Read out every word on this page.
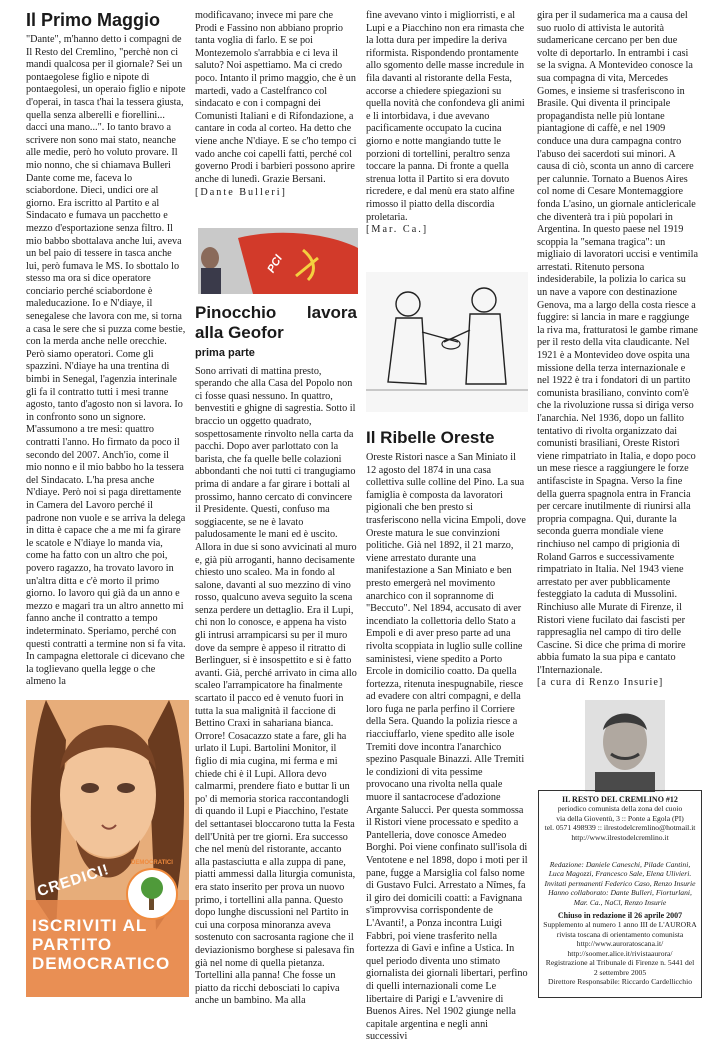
Il Primo Maggio

"Dante", m'hanno detto i compagni de Il Resto del Cremlino, "perchè non ci mandi qualcosa per il giornale? Sei un pontaegolese figlio e nipote di pontaegolesi, un operaio figlio e nipote d'operai, in tasca t'hai la tessera giusta, quella senza alberelli e fiorellini... dacci una mano...". Io tanto bravo a scrivere non sono mai stato, neanche alle medie, però ho voluto provare. Il mio nonno, che si chiamava Bulleri Dante come me, faceva lo sciabordone. Dieci, undici ore al giorno. Era iscritto al Partito e al Sindacato e fumava un pacchetto e mezzo d'esportazione senza filtro. Il mio babbo sbottalava anche lui, aveva un bel paio di tessere in tasca anche lui, però fumava le MS. Io sbottalo lo stesso ma ora si dice operatore conciario perché sciabordone è maleducazione. Io e N'diaye, il senegalese che lavora con me, si torna a casa le sere che si puzza come bestie, con la merda anche nelle orecchie. Però siamo operatori. Come gli spazzini. N'diaye ha una trentina di bimbi in Senegal, l'agenzia interinale gli fa il contratto tutti i mesi tranne agosto, tanto d'agosto non si lavora. Io in confronto sono un signore. M'assumono a tre mesi: quattro contratti l'anno. Ho firmato da poco il secondo del 2007. Anch'io, come il mio nonno e il mio babbo ho la tessera del Sindacato. L'ha presa anche N'diaye. Però noi si paga direttamente in Camera del Lavoro perché il padrone non vuole e se arriva la delega in ditta è capace che a me mi fa girare le scatole e N'diaye lo manda via, come ha fatto con un altro che poi, povero ragazzo, ha trovato lavoro in un'altra ditta e c'è morto il primo giorno. Io lavoro qui già da un anno e mezzo e magari tra un altro annetto mi fanno anche il contratto a tempo indeterminato. Speriamo, perché con questi contratti a termine non si fa vita. In campagna elettorale ci dicevano che la toglievano quella legge o che almeno la

CREDICI!	DEMOCRATICI
ISCRIVITI AL PARTITO DEMOCRATICO

modificavano; invece mi pare che Prodi e Fassino non abbiano proprio tanta voglia di farlo. E se poi Montezemolo s'arrabbia e ci leva il saluto? Noi aspettiamo. Ma ci credo poco. Intanto il primo maggio, che è un martedì, vado a Castelfranco col sindacato e con i compagni dei Comunisti Italiani e di Rifondazione, a cantare in coda al corteo. Ha detto che viene anche N'diaye. E se c'ho tempo ci vado anche coi capelli fatti, perché col governo Prodi i barbieri possono aprire anche di lunedì. Grazie Bersani.

[Dante Bulleri]

PCI
Pinocchio lavora alla Geofor
prima parte

Sono arrivati di mattina presto, sperando che alla Casa del Popolo non ci fosse quasi nessuno. In quattro, benvestiti e ghigne di sagrestia. Sotto il braccio un oggetto quadrato, sospettosamente rinvolto nella carta da pacchi. Dopo aver parlottato con la barista, che fa quelle belle colazioni abbondanti che noi tutti ci trangugiamo prima di andare a far girare i bottali al prossimo, hanno cercato di convincere il Presidente. Questi, confuso ma soggiacente, se ne è lavato paludosamente le mani ed è uscito. Allora in due si sono avvicinati al muro e, già più arroganti, hanno decisamente chiesto uno scaleo. Ma in fondo al salone, davanti al suo mezzino di vino rosso, qualcuno aveva seguito la scena senza perdere un dettaglio. Era il Lupi, chi non lo conosce, e appena ha visto gli intrusi arrampicarsi su per il muro dove da sempre è appeso il ritratto di Berlinguer, si è insospettito e si è fatto avanti. Già, perché arrivato in cima allo scaleo l'arrampicatore ha finalmente scartato il pacco ed è venuto fuori in tutta la sua malignità il faccione di Bettino Craxi in sahariana bianca. Orrore! Cosacazzo state a fare, gli ha urlato il Lupi. Bartolini Monitor, il figlio di mia cugina, mi ferma e mi chiede chi è il Lupi. Allora devo calmarmi, prendere fiato e buttar lì un po' di memoria storica raccontandogli di quando il Lupi e Piacchino, l'estate del settantasei bloccarono tutta la Festa dell'Unità per tre giorni. Era successo che nel menù del ristorante, accanto alla pastasciutta e alla zuppa di pane, piatti ammessi dalla liturgia comunista, era stato inserito per prova un nuovo primo, i tortellini alla panna. Questo dopo lunghe discussioni nel Partito in cui una corposa minoranza aveva sostenuto con sacrosanta ragione che il deviazionismo borghese si palesava fin già nel nome di quella pietanza. Tortellini alla panna! Che fosse un piatto da ricchi debosciati lo capiva anche un bambino. Ma alla

fine avevano vinto i migliorristi, e al Lupi e a Piacchino non era rimasta che la lotta dura per impedire la deriva riformista. Rispondendo prontamente allo sgomento delle masse incredule in fila davanti al ristorante della Festa, accorse a chiedere spiegazioni su quella novità che confondeva gli animi e li intorbidava, i due avevano pacificamente occupato la cucina giorno e notte mangiando tutte le porzioni di tortellini, peraltro senza toccare la panna. Di fronte a quella strenua lotta il Partito si era dovuto ricredere, e dal menù era stato alfine rimosso il piatto della discordia proletaria.

[Mar. Ca.]

Il Ribelle Oreste

Oreste Ristori nasce a San Miniato il 12 agosto del 1874 in una casa collettiva sulle colline del Pino. La sua famiglia è composta da lavoratori pigionali che ben presto si trasferiscono nella vicina Empoli, dove Oreste matura le sue convinzioni politiche. Già nel 1892, il 21 marzo, viene arrestato durante una manifestazione a San Miniato e ben presto emergerà nel movimento anarchico con il soprannome di "Beccuto". Nel 1894, accusato di aver incendiato la collettoria dello Stato a Empoli e di aver preso parte ad una rivolta scoppiata in luglio sulle colline saministesi, viene spedito a Porto Ercole in domicilio coatto. Da quella fortezza, ritenuta inespugnabile, riesce ad evadere con altri compagni, e della loro fuga ne parla perfino il Corriere della Sera. Quando la polizia riesce a riacciuffarlo, viene spedito alle isole Tremiti dove incontra l'anarchico spezino Pasquale Binazzi. Alle Tremiti le condizioni di vita pessime provocano una rivolta nella quale muore il santacrocese d'adozione Argante Salucci. Per questa sommossa il Ristori viene processato e spedito a Pantelleria, dove conosce Amedeo Borghi. Poi viene confinato sull'isola di Ventotene e nel 1898, dopo i moti per il pane, fugge a Marsiglia col falso nome di Gustavo Fulci. Arrestato a Nîmes, fa il giro dei domicili coatti: a Favignana s'improvvisa corrispondente de L'Avanti!, a Ponza incontra Luigi Fabbri, poi viene trasferito nella fortezza di Gavi e infine a Ustica. In quel periodo diventa uno stimato giornalista dei giornali libertari, perfino di quelli internazionali come Le libertaire di Parigi e L'avvenire di Buenos Aires. Nel 1902 giunge nella capitale argentina e negli anni successivi

gira per il sudamerica ma a causa del suo ruolo di attivista le autorità sudamericane cercano per ben due volte di deportarlo. In entrambi i casi se la svigna. A Montevideo conosce la sua compagna di vita, Mercedes Gomes, e insieme si trasferiscono in Brasile. Qui diventa il principale propagandista nelle più lontane piantagione di caffè, e nel 1909 conduce una dura campagna contro l'abuso dei sacerdoti sui minori. A causa di ciò, sconta un anno di carcere per calunnie. Tornato a Buenos Aires col nome di Cesare Montemaggiore fonda L'asino, un giornale anticlericale che diventerà tra i più popolari in Argentina. In questo paese nel 1919 scoppia la "semana tragica": un migliaio di lavoratori uccisi e ventimila arrestati. Ritenuto persona indesiderabile, la polizia lo carica su un nave a vapore con destinazione Genova, ma a largo della costa riesce a fuggire: si lancia in mare e raggiunge la riva ma, fratturatosi le gambe rimane per il resto della vita claudicante. Nel 1921 è a Montevideo dove ospita una missione della terza internazionale e nel 1922 è tra i fondatori di un partito comunista brasiliano, convinto com'è che la rivoluzione russa si diriga verso l'anarchia. Nel 1936, dopo un fallito tentativo di rivolta organizzato dai comunisti brasiliani, Oreste Ristori viene rimpatriato in Italia, e dopo poco un mese riesce a raggiungere le forze antifasciste in Spagna. Verso la fine della guerra spagnola entra in Francia per cercare inutilmente di riunirsi alla propria compagna. Qui, durante la seconda guerra mondiale viene rinchiuso nel campo di prigionia di Roland Garros e successivamente rimpatriato in Italia. Nel 1943 viene arrestato per aver pubblicamente festeggiato la caduta di Mussolini. Rinchiuso alle Murate di Firenze, il Ristori viene fucilato dai fascisti per rappresaglia nel campo di tiro delle Cascine. Si dice che prima di morire abbia fumato la sua pipa e cantato l'Internazionale.

[a cura di Renzo Insurie]

IL RESTO DEL CREMLINO #12
periodico comunista della zona del cuoio
via della Gioventù, 3 :: Ponte a Egola (PI)
tel. 0571 498939 :: ilrestodelcremlino@hotmail.it
http://www.ilrestodelcremlino.it
Redazione: Daniele Caneschi, Pilade Cantini, Luca Magozzi, Francesco Sale, Elena Ulivieri.
Invitati permanenti Federico Caso, Renzo Insurie
Hanno collaborato: Dante Bulleri, Fiorturlani, Mar. Ca., NaCl, Renzo Insurie
Chiuso in redazione il 26 aprile 2007
Supplemento al numero 1 anno III de L'AURORA rivista toscana di orientamento comunista
http://www.auroratoscana.it/
http://soomer.alice.it/rivistaaurora/
Registrazione al Tribunale di Firenze n. 5441 del 2 settembre 2005
Direttore Responsabile: Riccardo Cardellicchio
